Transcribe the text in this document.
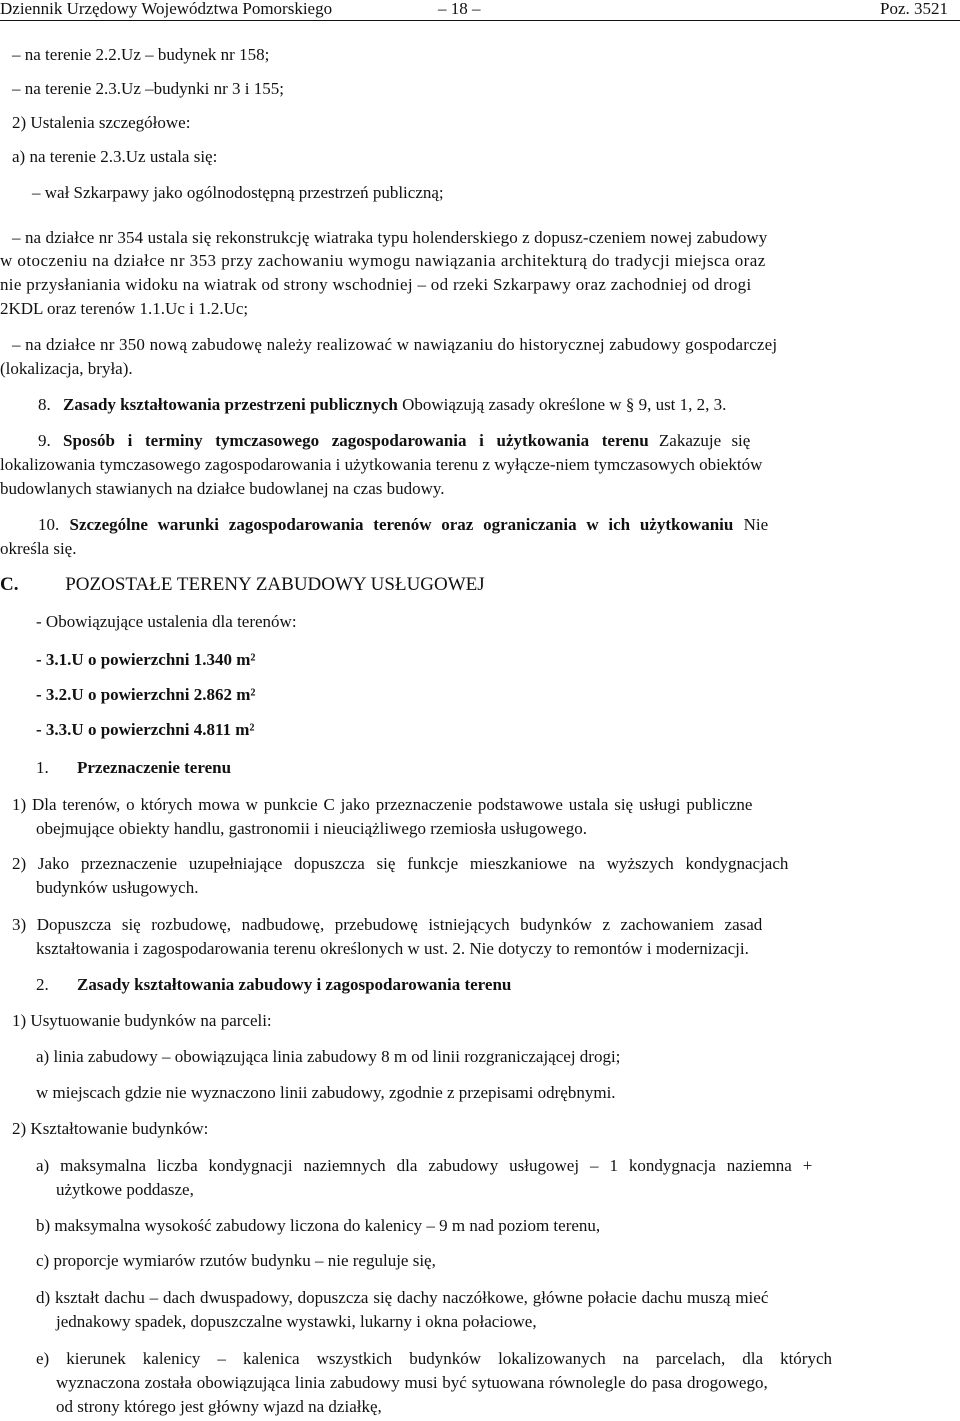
Dziennik Urzędowy Województwa Pomorskiego	– 18 –	Poz. 3521
– na terenie 2.2.Uz – budynek nr 158;
– na terenie 2.3.Uz –budynki nr 3 i 155;
2) Ustalenia szczegółowe:
a) na terenie 2.3.Uz ustala się:
– wał Szkarpawy jako ogólnodostępną przestrzeń publiczną;
– na działce nr 354 ustala się rekonstrukcję wiatraka typu holenderskiego z dopusz-czeniem nowej zabudowy
w otoczeniu na działce nr 353 przy zachowaniu wymogu nawiązania architekturą do tradycji miejsca oraz
nie przysłaniania widoku na wiatrak od strony wschodniej – od rzeki Szkarpawy oraz zachodniej od drogi
2KDL oraz terenów 1.1.Uc i 1.2.Uc;
– na działce nr 350 nową zabudowę należy realizować w nawiązaniu do historycznej zabudowy gospodarczej
(lokalizacja, bryła).
8. Zasady kształtowania przestrzeni publicznych Obowiązują zasady określone w § 9, ust 1, 2, 3.
9. Sposób i terminy tymczasowego zagospodarowania i użytkowania terenu Zakazuje się
lokalizowania tymczasowego zagospodarowania i użytkowania terenu z wyłącze-niem tymczasowych obiektów
budowlanych stawianych na działce budowlanej na czas budowy.
10. Szczególne warunki zagospodarowania terenów oraz ograniczania w ich użytkowaniu Nie
określa się.
C. POZOSTAŁE TERENY ZABUDOWY USŁUGOWEJ
- Obowiązujące ustalenia dla terenów:
- 3.1.U o powierzchni 1.340 m²
- 3.2.U o powierzchni 2.862 m²
- 3.3.U o powierzchni 4.811 m²
1. Przeznaczenie terenu
1) Dla terenów, o których mowa w punkcie C jako przeznaczenie podstawowe ustala się usługi publiczne
obejmujące obiekty handlu, gastronomii i nieuciążliwego rzemiosła usługowego.
2) Jako przeznaczenie uzupełniające dopuszcza się funkcje mieszkaniowe na wyższych kondygnacjach
budynków usługowych.
3) Dopuszcza się rozbudowę, nadbudowę, przebudowę istniejących budynków z zachowaniem zasad
kształtowania i zagospodarowania terenu określonych w ust. 2. Nie dotyczy to remontów i modernizacji.
2. Zasady kształtowania zabudowy i zagospodarowania terenu
1) Usytuowanie budynków na parceli:
a) linia zabudowy – obowiązująca linia zabudowy 8 m od linii rozgraniczającej drogi;
w miejscach gdzie nie wyznaczono linii zabudowy, zgodnie z przepisami odrębnymi.
2) Kształtowanie budynków:
a) maksymalna liczba kondygnacji naziemnych dla zabudowy usługowej – 1 kondygnacja naziemna +
użytkowe poddasze,
b) maksymalna wysokość zabudowy liczona do kalenicy – 9 m nad poziom terenu,
c) proporcje wymiarów rzutów budynku – nie reguluje się,
d) kształt dachu – dach dwuspadowy, dopuszcza się dachy naczółkowe, główne połacie dachu muszą mieć
jednakowy spadek, dopuszczalne wystawki, lukarny i okna połaciowe,
e) kierunek kalenicy – kalenica wszystkich budynków lokalizowanych na parcelach, dla których
wyznaczona została obowiązująca linia zabudowy musi być sytuowana równolegle do pasa drogowego,
od strony którego jest główny wjazd na działkę,
